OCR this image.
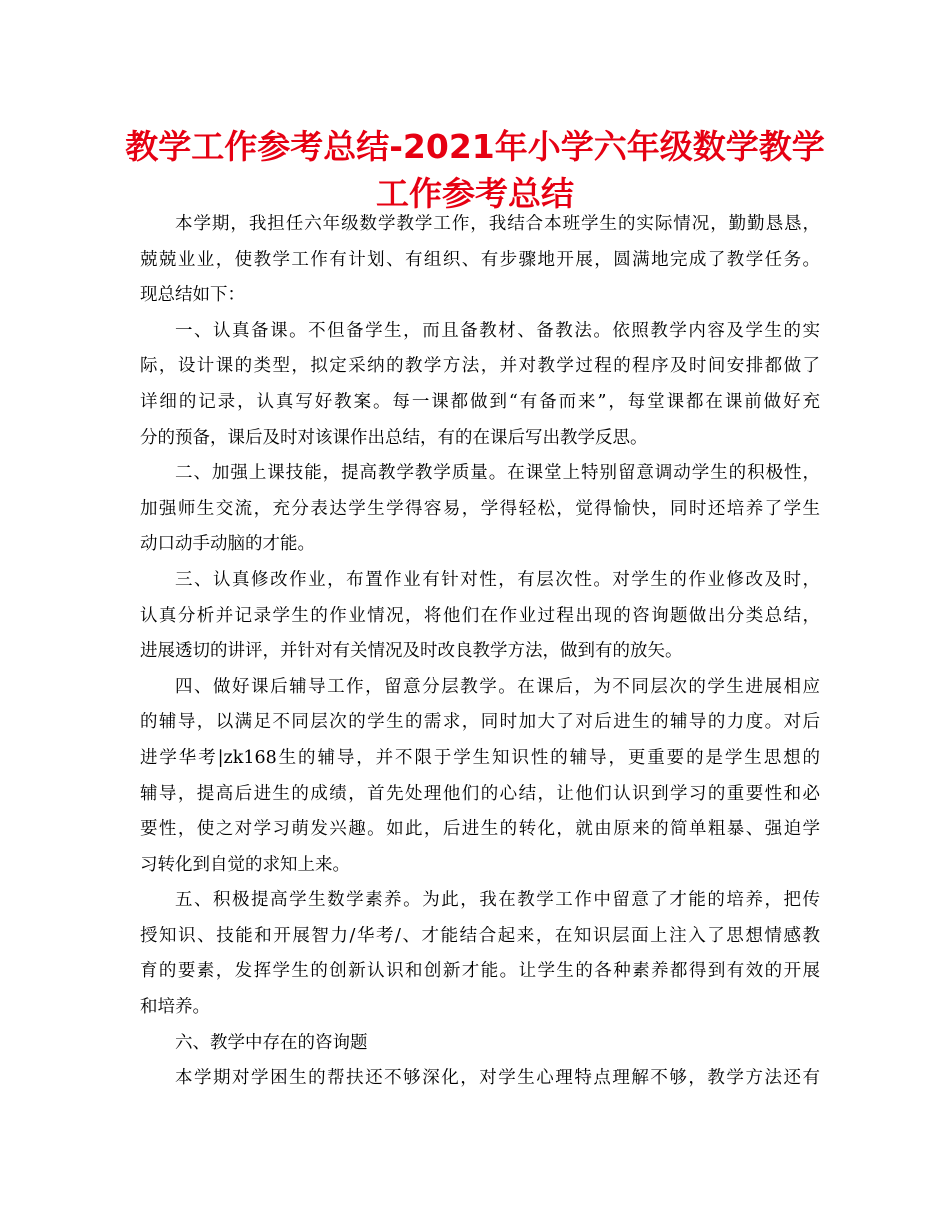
教学工作参考总结-2021年小学六年级数学教学
工作参考总结
本学期，我担任六年级数学教学工作，我结合本班学生的实际情况，勤勤恳恳，
兢兢业业，使教学工作有计划、有组织、有步骤地开展，圆满地完成了教学任务。
现总结如下：
一、认真备课。不但备学生，而且备教材、备教法。依照教学内容及学生的实
际，设计课的类型，拟定采纳的教学方法，并对教学过程的程序及时间安排都做了
详细的记录，认真写好教案。每一课都做到“有备而来”，每堂课都在课前做好充
分的预备，课后及时对该课作出总结，有的在课后写出教学反思。
二、加强上课技能，提高教学教学质量。在课堂上特别留意调动学生的积极性，
加强师生交流，充分表达学生学得容易，学得轻松，觉得愉快，同时还培养了学生
动口动手动脑的才能。
三、认真修改作业，布置作业有针对性，有层次性。对学生的作业修改及时，
认真分析并记录学生的作业情况，将他们在作业过程出现的咨询题做出分类总结，
进展透切的讲评，并针对有关情况及时改良教学方法，做到有的放矢。
四、做好课后辅导工作，留意分层教学。在课后，为不同层次的学生进展相应
的辅导，以满足不同层次的学生的需求，同时加大了对后进生的辅导的力度。对后
进学华考|zk168生的辅导，并不限于学生知识性的辅导，更重要的是学生思想的
辅导，提高后进生的成绩，首先处理他们的心结，让他们认识到学习的重要性和必
要性，使之对学习萌发兴趣。如此，后进生的转化，就由原来的简单粗暴、强迫学
习转化到自觉的求知上来。
五、积极提高学生数学素养。为此，我在教学工作中留意了才能的培养，把传
授知识、技能和开展智力/华考/、才能结合起来，在知识层面上注入了思想情感教
育的要素，发挥学生的创新认识和创新才能。让学生的各种素养都得到有效的开展
和培养。
六、教学中存在的咨询题
本学期对学困生的帮扶还不够深化，对学生心理特点理解不够，教学方法还有
